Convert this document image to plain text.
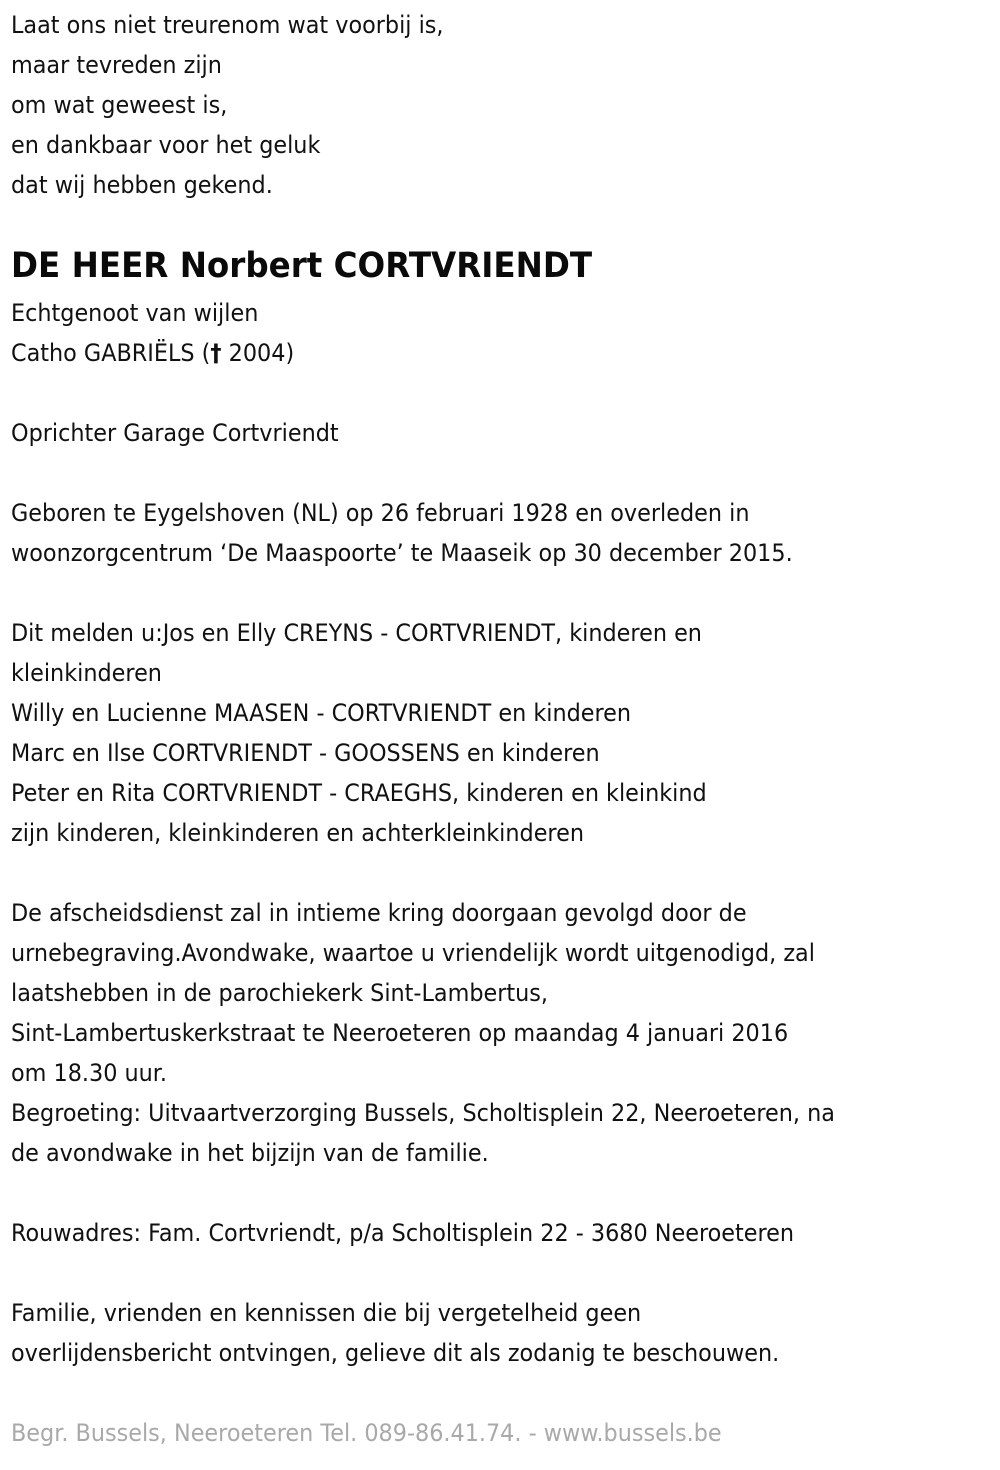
Laat ons niet treurenom wat voorbij is,
maar tevreden zijn
om wat geweest is,
en dankbaar voor het geluk
dat wij hebben gekend.
DE HEER Norbert CORTVRIENDT
Echtgenoot van wijlen
Catho GABRIËLS († 2004)
Oprichter Garage Cortvriendt
Geboren te Eygelshoven (NL) op 26 februari 1928 en overleden in
woonzorgcentrum ‘De Maaspoorte’ te Maaseik op 30 december 2015.
Dit melden u:Jos en Elly CREYNS - CORTVRIENDT, kinderen en
kleinkinderen
Willy en Lucienne MAASEN - CORTVRIENDT en kinderen
Marc en Ilse CORTVRIENDT - GOOSSENS en kinderen
Peter en Rita CORTVRIENDT - CRAEGHS, kinderen en kleinkind
zijn kinderen, kleinkinderen en achterkleinkinderen
De afscheidsdienst zal in intieme kring doorgaan gevolgd door de
urnebegraving.Avondwake, waartoe u vriendelijk wordt uitgenodigd, zal
laatshebben in de parochiekerk Sint-Lambertus,
Sint-Lambertuskerkstraat te Neeroeteren op maandag 4 januari 2016
om 18.30 uur.
Begroeting: Uitvaartverzorging Bussels, Scholtisplein 22, Neeroeteren, na
de avondwake in het bijzijn van de familie.
Rouwadres: Fam. Cortvriendt, p/a Scholtisplein 22 - 3680 Neeroeteren
Familie, vrienden en kennissen die bij vergetelheid geen
overlijdensbericht ontvingen, gelieve dit als zodanig te beschouwen.
Begr. Bussels, Neeroeteren Tel. 089-86.41.74. - www.bussels.be
